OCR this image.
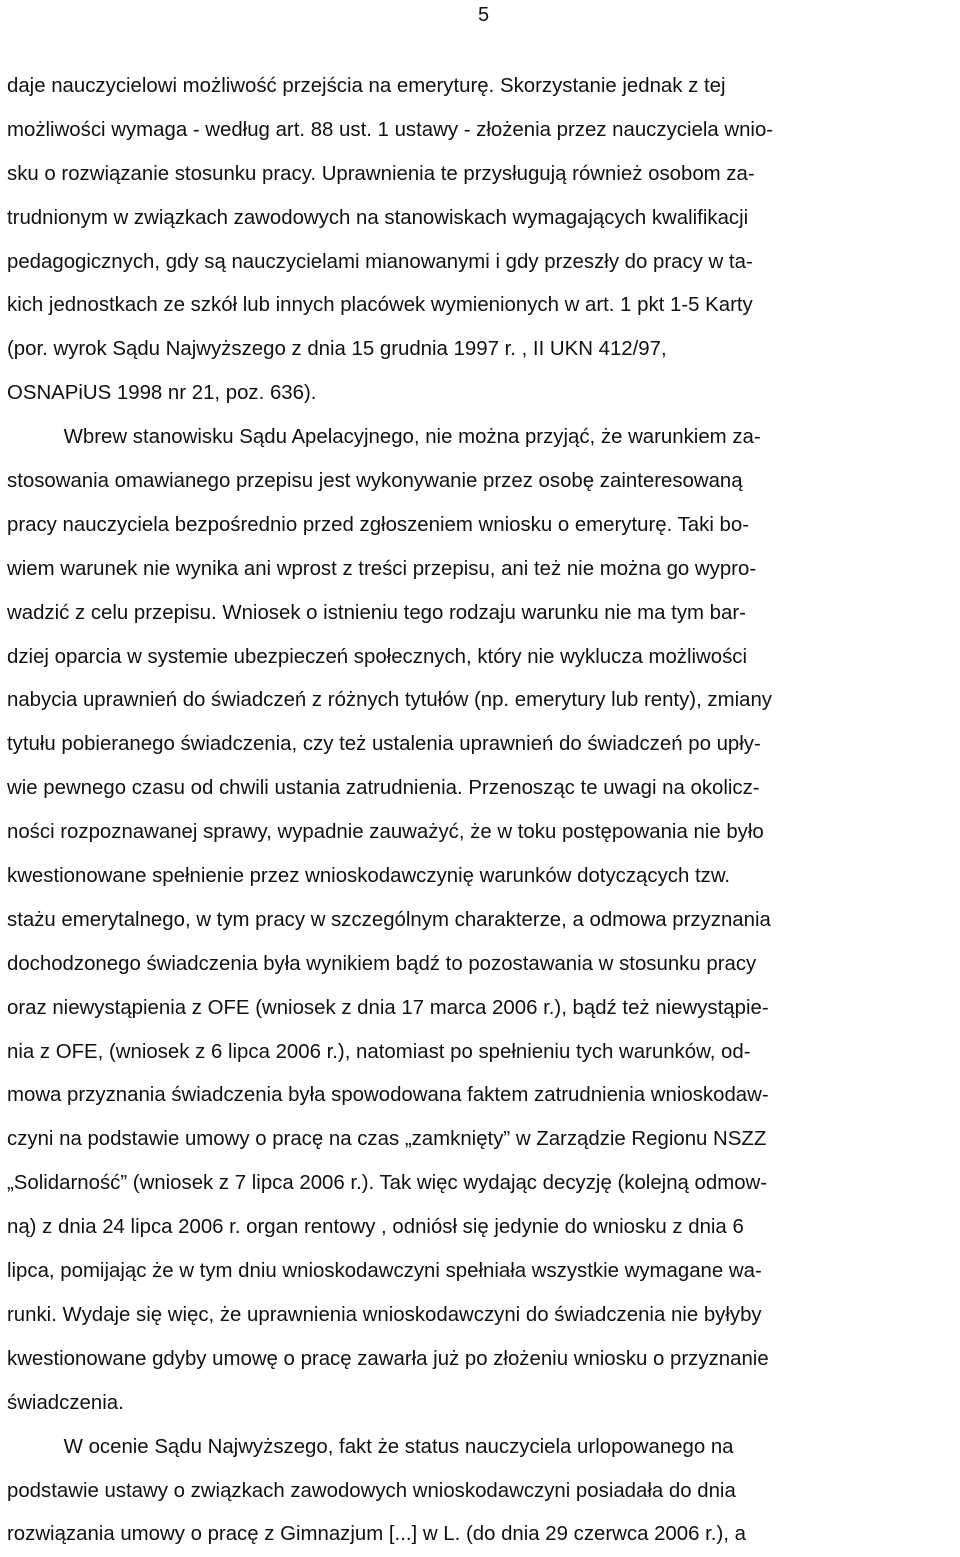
5
daje nauczycielowi możliwość przejścia na emeryturę. Skorzystanie jednak z tej
możliwości wymaga - według art. 88 ust. 1 ustawy - złożenia przez nauczyciela wnio-
sku o rozwiązanie stosunku pracy. Uprawnienia te przysługują również osobom za-
trudnionym w związkach zawodowych na stanowiskach wymagających kwalifikacji
pedagogicznych, gdy są nauczycielami mianowanymi i gdy przeszły do pracy w ta-
kich jednostkach ze szkół lub innych placówek wymienionych w art. 1 pkt 1-5 Karty
(por. wyrok Sądu Najwyższego z dnia 15 grudnia 1997 r. , II UKN 412/97,
OSNAPiUS 1998 nr 21, poz. 636).
Wbrew stanowisku Sądu Apelacyjnego, nie można przyjąć, że warunkiem za-
stosowania omawianego przepisu jest wykonywanie przez osobę zainteresowaną
pracy nauczyciela bezpośrednio przed zgłoszeniem wniosku o emeryturę. Taki bo-
wiem warunek nie wynika ani wprost z treści przepisu, ani też nie można go wypro-
wadzić z celu przepisu. Wniosek o istnieniu tego rodzaju warunku nie ma tym bar-
dziej oparcia w systemie ubezpieczeń społecznych, który nie wyklucza możliwości
nabycia uprawnień do świadczeń z różnych tytułów (np. emerytury lub renty), zmiany
tytułu pobieranego świadczenia, czy też ustalenia uprawnień do świadczeń po upły-
wie pewnego czasu od chwili ustania zatrudnienia. Przenosząc te uwagi na okolicz-
ności rozpoznawanej sprawy, wypadnie zauważyć, że w toku postępowania nie było
kwestionowane spełnienie przez wnioskodawczynię warunków dotyczących tzw.
stażu emerytalnego, w tym pracy w szczególnym charakterze, a odmowa przyznania
dochodzonego świadczenia była wynikiem bądź to pozostawania w stosunku pracy
oraz niewystąpienia z OFE (wniosek z dnia 17 marca 2006 r.), bądź też niewystąpie-
nia z OFE, (wniosek z 6 lipca 2006 r.), natomiast po spełnieniu tych warunków, od-
mowa przyznania świadczenia była spowodowana faktem zatrudnienia wnioskodaw-
czyni na podstawie umowy o pracę na czas „zamknięty” w Zarządzie Regionu NSZZ
„Solidarność” (wniosek z 7 lipca 2006 r.). Tak więc wydając decyzję (kolejną odmow-
ną) z dnia 24 lipca 2006 r. organ rentowy , odniósł się jedynie do wniosku z dnia 6
lipca, pomijając że w tym dniu wnioskodawczyni spełniała wszystkie wymagane wa-
runki. Wydaje się więc, że uprawnienia wnioskodawczyni do świadczenia nie byłyby
kwestionowane gdyby umowę o pracę zawarła już po złożeniu wniosku o przyznanie
świadczenia.
W ocenie Sądu Najwyższego, fakt że status nauczyciela urlopowanego na
podstawie ustawy o związkach zawodowych wnioskodawczyni posiadała do dnia
rozwiązania umowy o pracę z Gimnazjum [...] w L. (do dnia 29 czerwca 2006 r.), a
